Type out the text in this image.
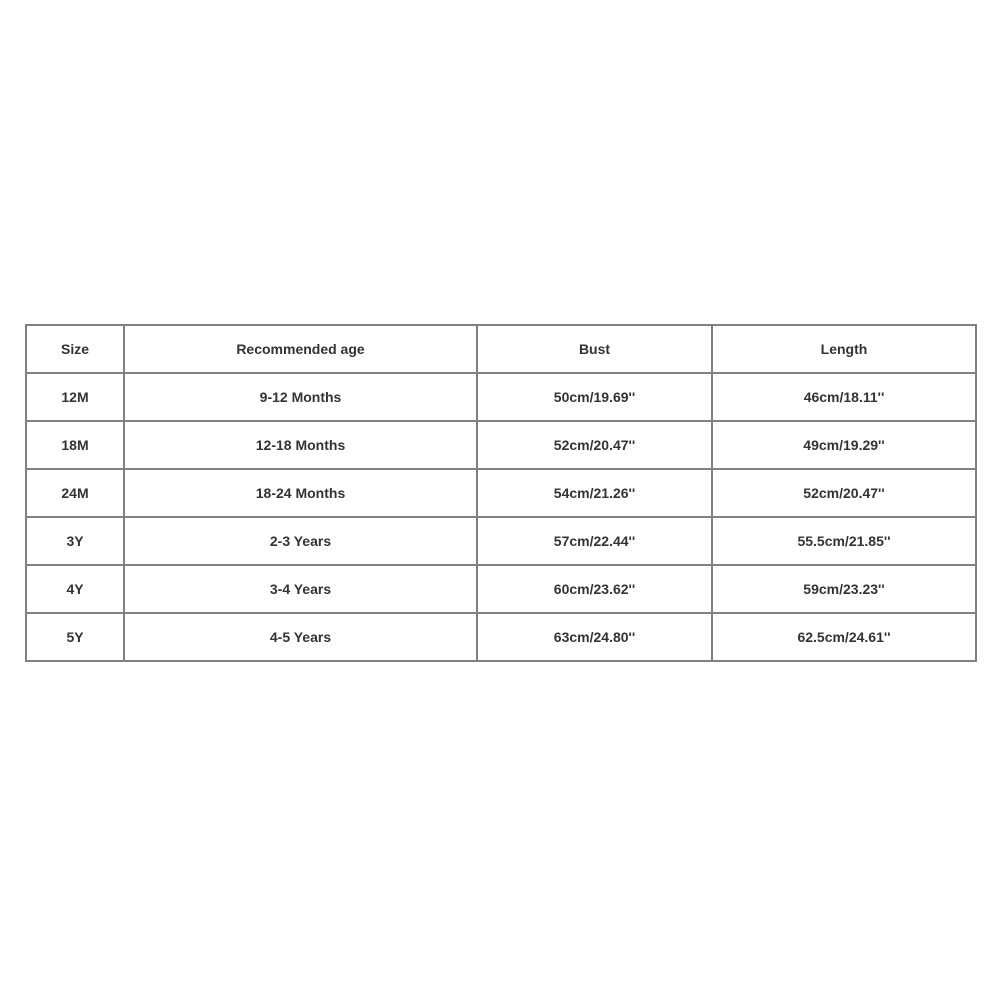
Size	Recommended age	Bust	Length
12M	9-12 Months	50cm/19.69''	46cm/18.11''
18M	12-18 Months	52cm/20.47''	49cm/19.29''
24M	18-24 Months	54cm/21.26''	52cm/20.47''
3Y	2-3 Years	57cm/22.44''	55.5cm/21.85''
4Y	3-4 Years	60cm/23.62''	59cm/23.23''
5Y	4-5 Years	63cm/24.80''	62.5cm/24.61''
